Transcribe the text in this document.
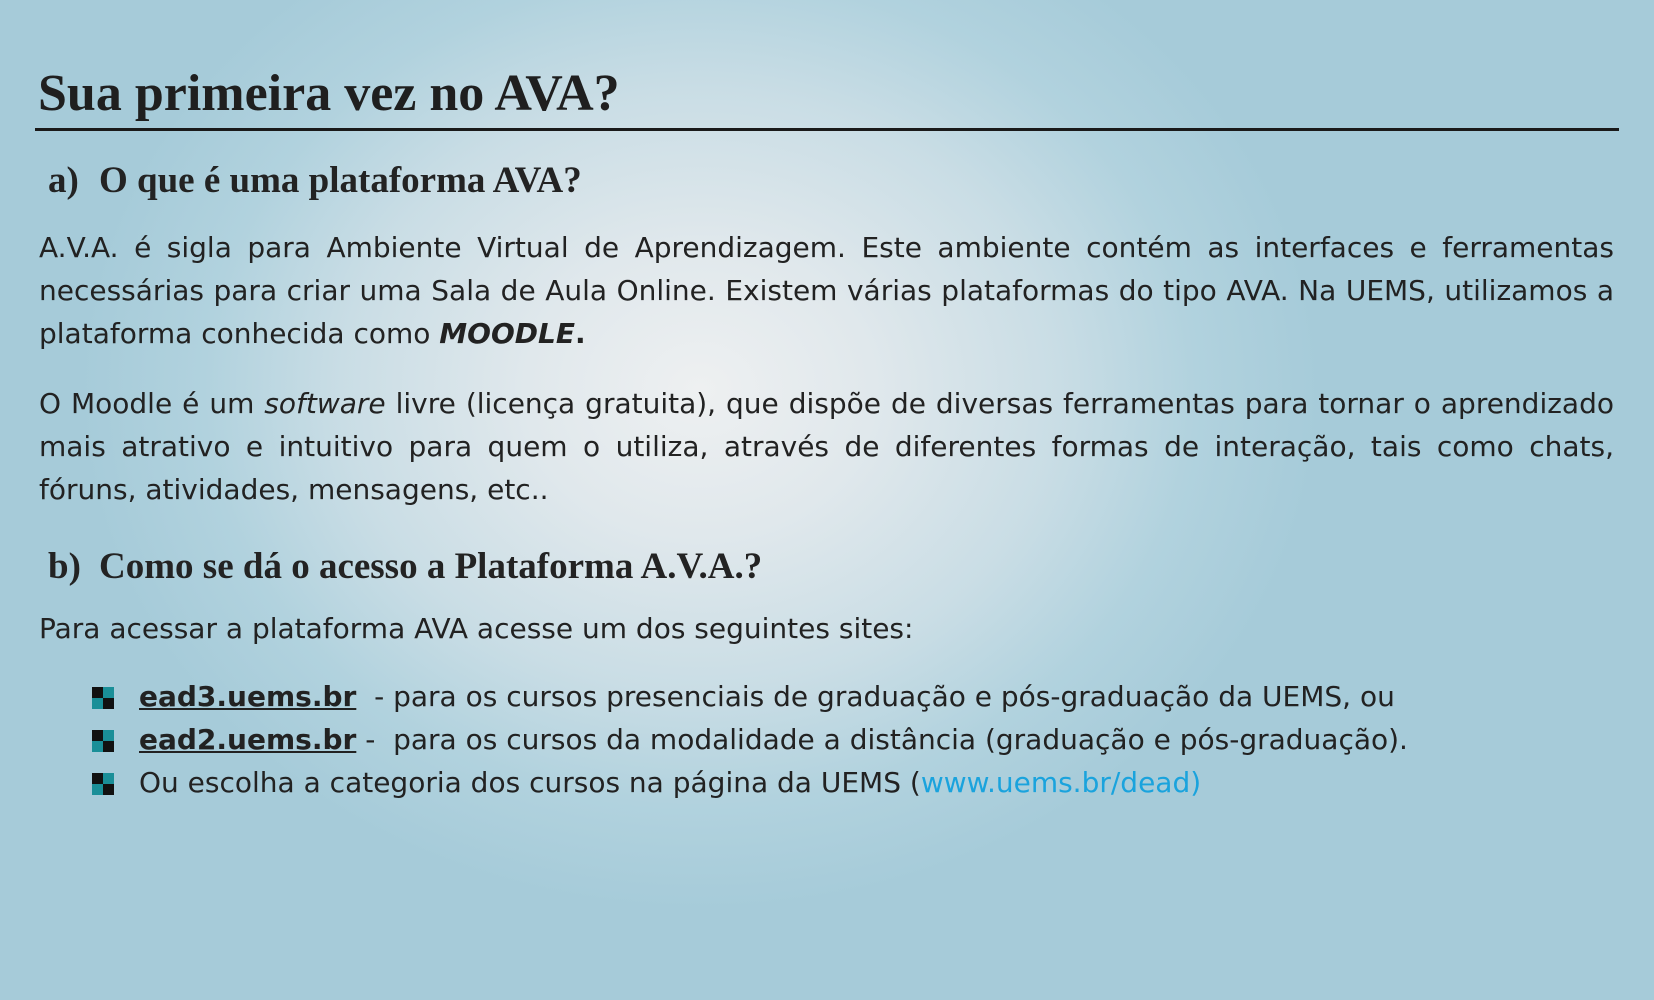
Sua primeira vez no AVA?
a) O que é uma plataforma AVA?

A.V.A. é sigla para Ambiente Virtual de Aprendizagem. Este ambiente contém as interfaces e ferramentas necessárias para criar uma Sala de Aula Online. Existem várias plataformas do tipo AVA. Na UEMS, utilizamos a plataforma conhecida como MOODLE.

O Moodle é um software livre (licença gratuita), que dispõe de diversas ferramentas para tornar o aprendizado mais atrativo e intuitivo para quem o utiliza, através de diferentes formas de interação, tais como chats, fóruns, atividades, mensagens, etc..

b) Como se dá o acesso a Plataforma A.V.A.?

Para acessar a plataforma AVA acesse um dos seguintes sites:

ead3.uems.br  - para os cursos presenciais de graduação e pós-graduação da UEMS, ou
ead2.uems.br -  para os cursos da modalidade a distância (graduação e pós-graduação).
Ou escolha a categoria dos cursos na página da UEMS (www.uems.br/dead)
